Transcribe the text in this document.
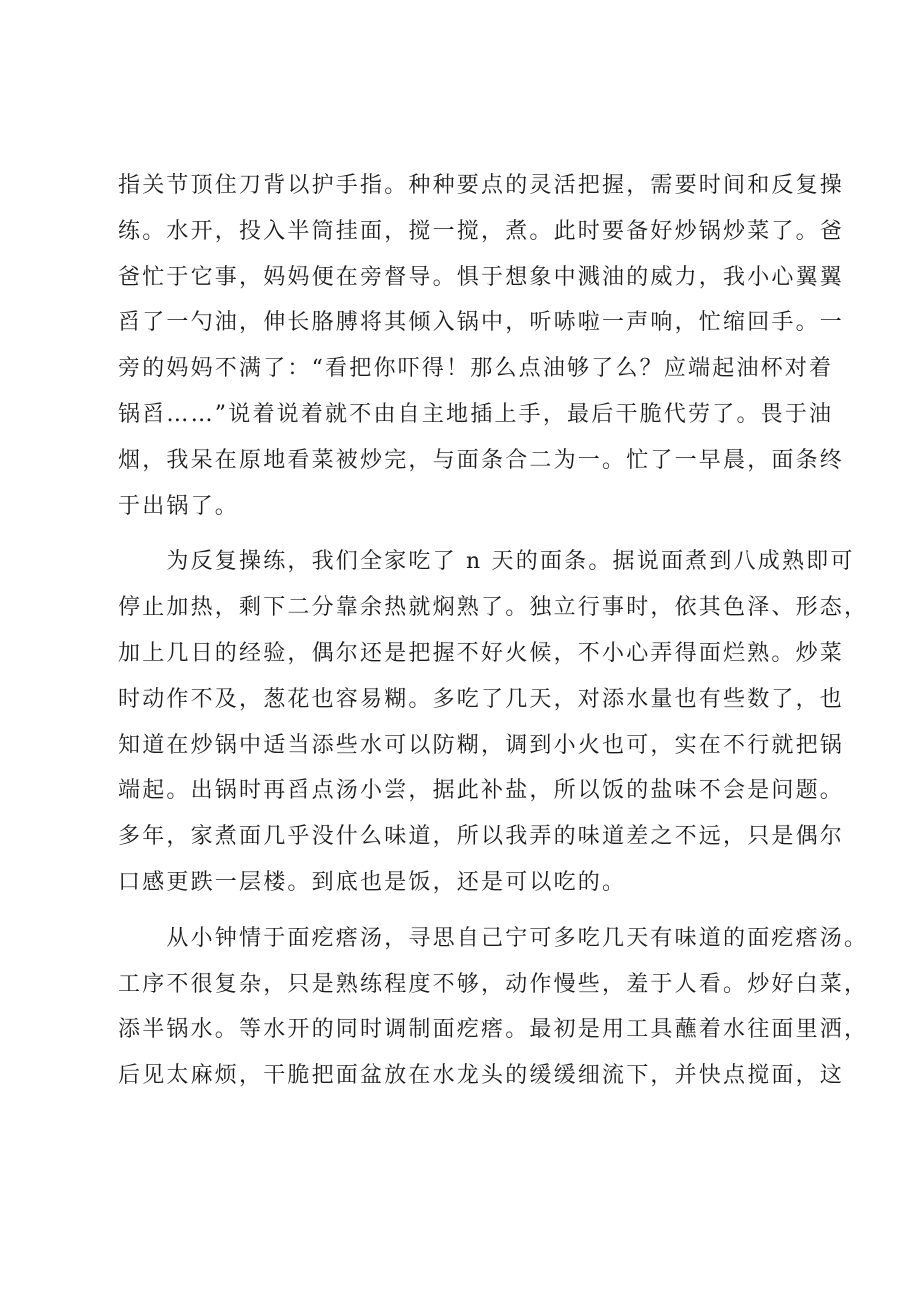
指关节顶住刀背以护手指。种种要点的灵活把握，需要时间和反复操
练。水开，投入半筒挂面，搅一搅，煮。此时要备好炒锅炒菜了。爸
爸忙于它事，妈妈便在旁督导。惧于想象中溅油的威力，我小心翼翼
舀了一勺油，伸长胳膊将其倾入锅中，听哧啦一声响，忙缩回手。一
旁的妈妈不满了：“看把你吓得！那么点油够了么？应端起油杯对着
锅舀……”说着说着就不由自主地插上手，最后干脆代劳了。畏于油
烟，我呆在原地看菜被炒完，与面条合二为一。忙了一早晨，面条终
于出锅了。
　　为反复操练，我们全家吃了 n 天的面条。据说面煮到八成熟即可
停止加热，剩下二分靠余热就焖熟了。独立行事时，依其色泽、形态，
加上几日的经验，偶尔还是把握不好火候，不小心弄得面烂熟。炒菜
时动作不及，葱花也容易糊。多吃了几天，对添水量也有些数了，也
知道在炒锅中适当添些水可以防糊，调到小火也可，实在不行就把锅
端起。出锅时再舀点汤小尝，据此补盐，所以饭的盐味不会是问题。
多年，家煮面几乎没什么味道，所以我弄的味道差之不远，只是偶尔
口感更跌一层楼。到底也是饭，还是可以吃的。
　　从小钟情于面疙瘩汤，寻思自己宁可多吃几天有味道的面疙瘩汤。
工序不很复杂，只是熟练程度不够，动作慢些，羞于人看。炒好白菜，
添半锅水。等水开的同时调制面疙瘩。最初是用工具蘸着水往面里洒，
后见太麻烦，干脆把面盆放在水龙头的缓缓细流下，并快点搅面，这
